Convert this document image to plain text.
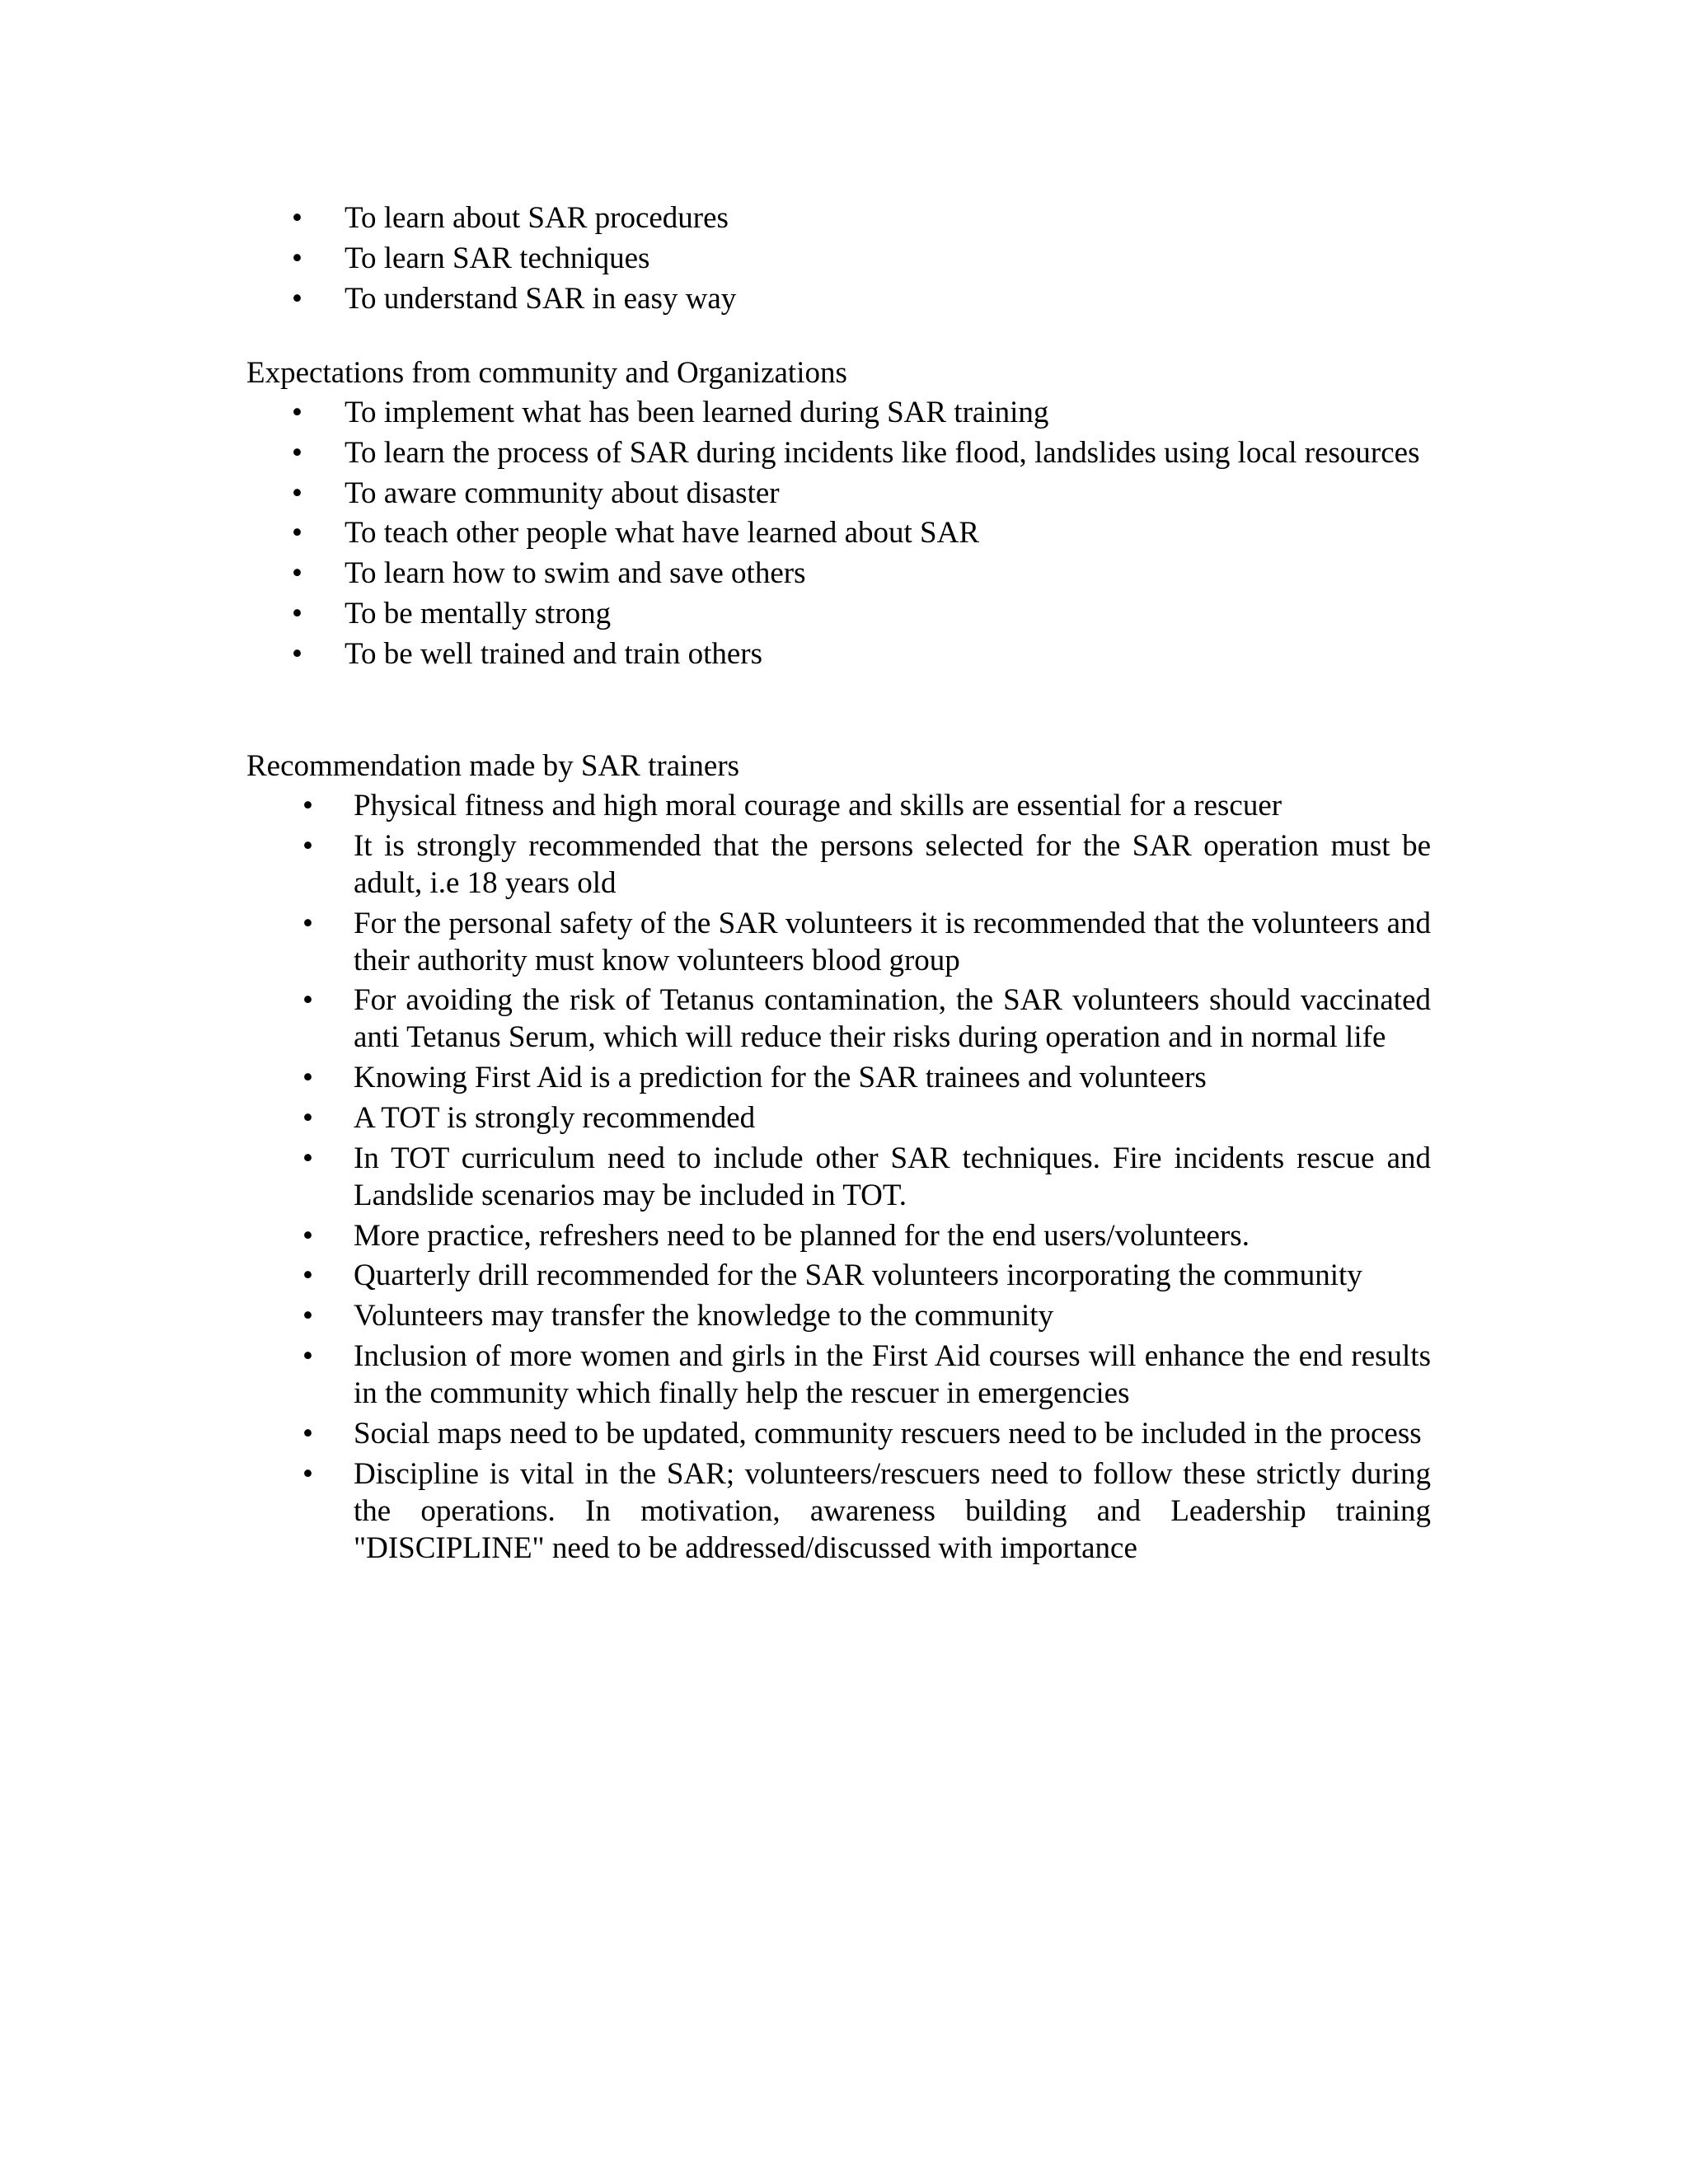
• To learn about SAR procedures
• To learn SAR techniques
• To understand SAR in easy way

Expectations from community and Organizations

• To implement what has been learned during SAR training
• To learn the process of SAR during incidents like flood, landslides using local resources
• To aware community about disaster
• To teach other people what have learned about SAR
• To learn how to swim and save others
• To be mentally strong
• To be well trained and train others

Recommendation made by SAR trainers

• Physical fitness and high moral courage and skills are essential for a rescuer
• It is strongly recommended that the persons selected for the SAR operation must be adult, i.e 18 years old
• For the personal safety of the SAR volunteers it is recommended that the volunteers and their authority must know volunteers blood group
• For avoiding the risk of Tetanus contamination, the SAR volunteers should vaccinated anti Tetanus Serum, which will reduce their risks during operation and in normal life
• Knowing First Aid is a prediction for the SAR trainees and volunteers
• A TOT is strongly recommended
• In TOT curriculum need to include other SAR techniques. Fire incidents rescue and Landslide scenarios may be included in TOT.
• More practice, refreshers need to be planned for the end users/volunteers.
• Quarterly drill recommended for the SAR volunteers incorporating the community
• Volunteers may transfer the knowledge to the community
• Inclusion of more women and girls in the First Aid courses will enhance the end results in the community which finally help the rescuer in emergencies
• Social maps need to be updated, community rescuers need to be included in the process
• Discipline is vital in the SAR; volunteers/rescuers need to follow these strictly during the operations. In motivation, awareness building and Leadership training "DISCIPLINE" need to be addressed/discussed with importance
